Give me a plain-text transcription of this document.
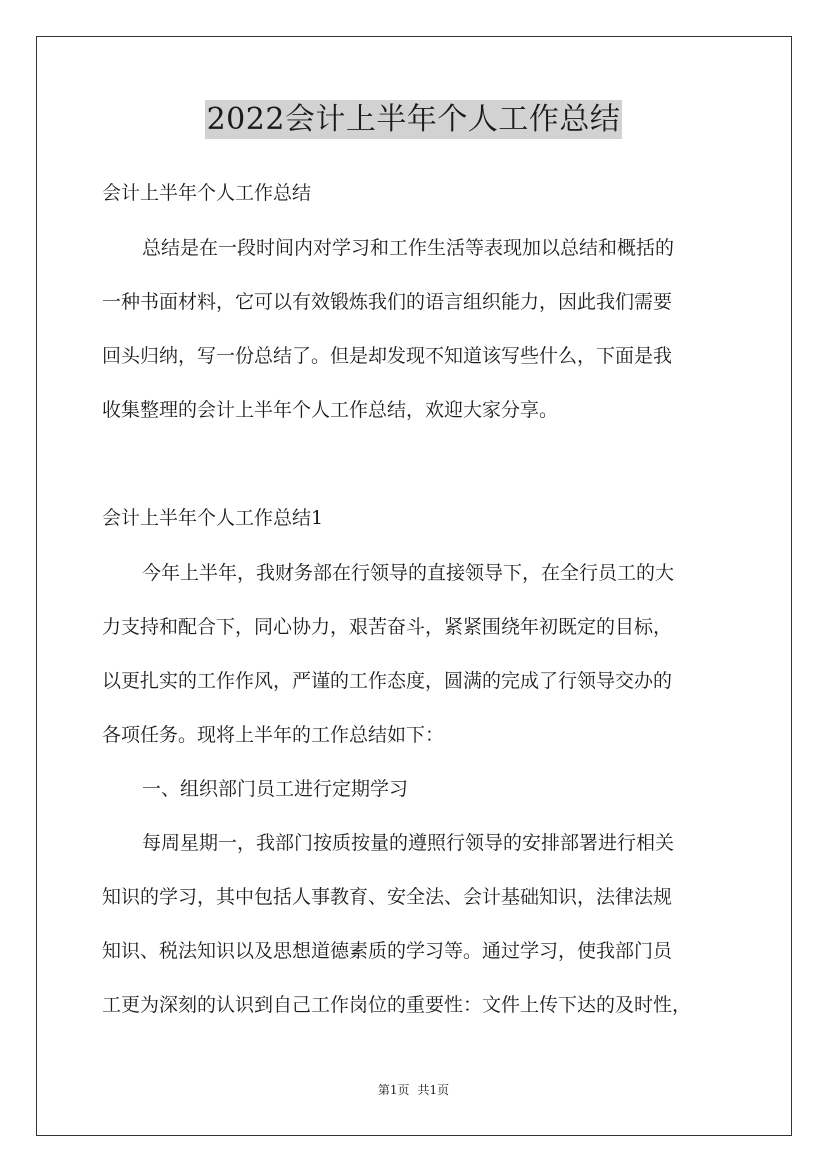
2022会计上半年个人工作总结

会计上半年个人工作总结

总结是在一段时间内对学习和工作生活等表现加以总结和概括的

一种书面材料，它可以有效锻炼我们的语言组织能力，因此我们需要

回头归纳，写一份总结了。但是却发现不知道该写些什么，下面是我

收集整理的会计上半年个人工作总结，欢迎大家分享。

会计上半年个人工作总结1

今年上半年，我财务部在行领导的直接领导下，在全行员工的大

力支持和配合下，同心协力，艰苦奋斗，紧紧围绕年初既定的目标，

以更扎实的工作作风，严谨的工作态度，圆满的完成了行领导交办的

各项任务。现将上半年的工作总结如下：

一、组织部门员工进行定期学习

每周星期一，我部门按质按量的遵照行领导的安排部署进行相关

知识的学习，其中包括人事教育、安全法、会计基础知识，法律法规

知识、税法知识以及思想道德素质的学习等。通过学习，使我部门员

工更为深刻的认识到自己工作岗位的重要性：文件上传下达的及时性，

第1页 共1页
